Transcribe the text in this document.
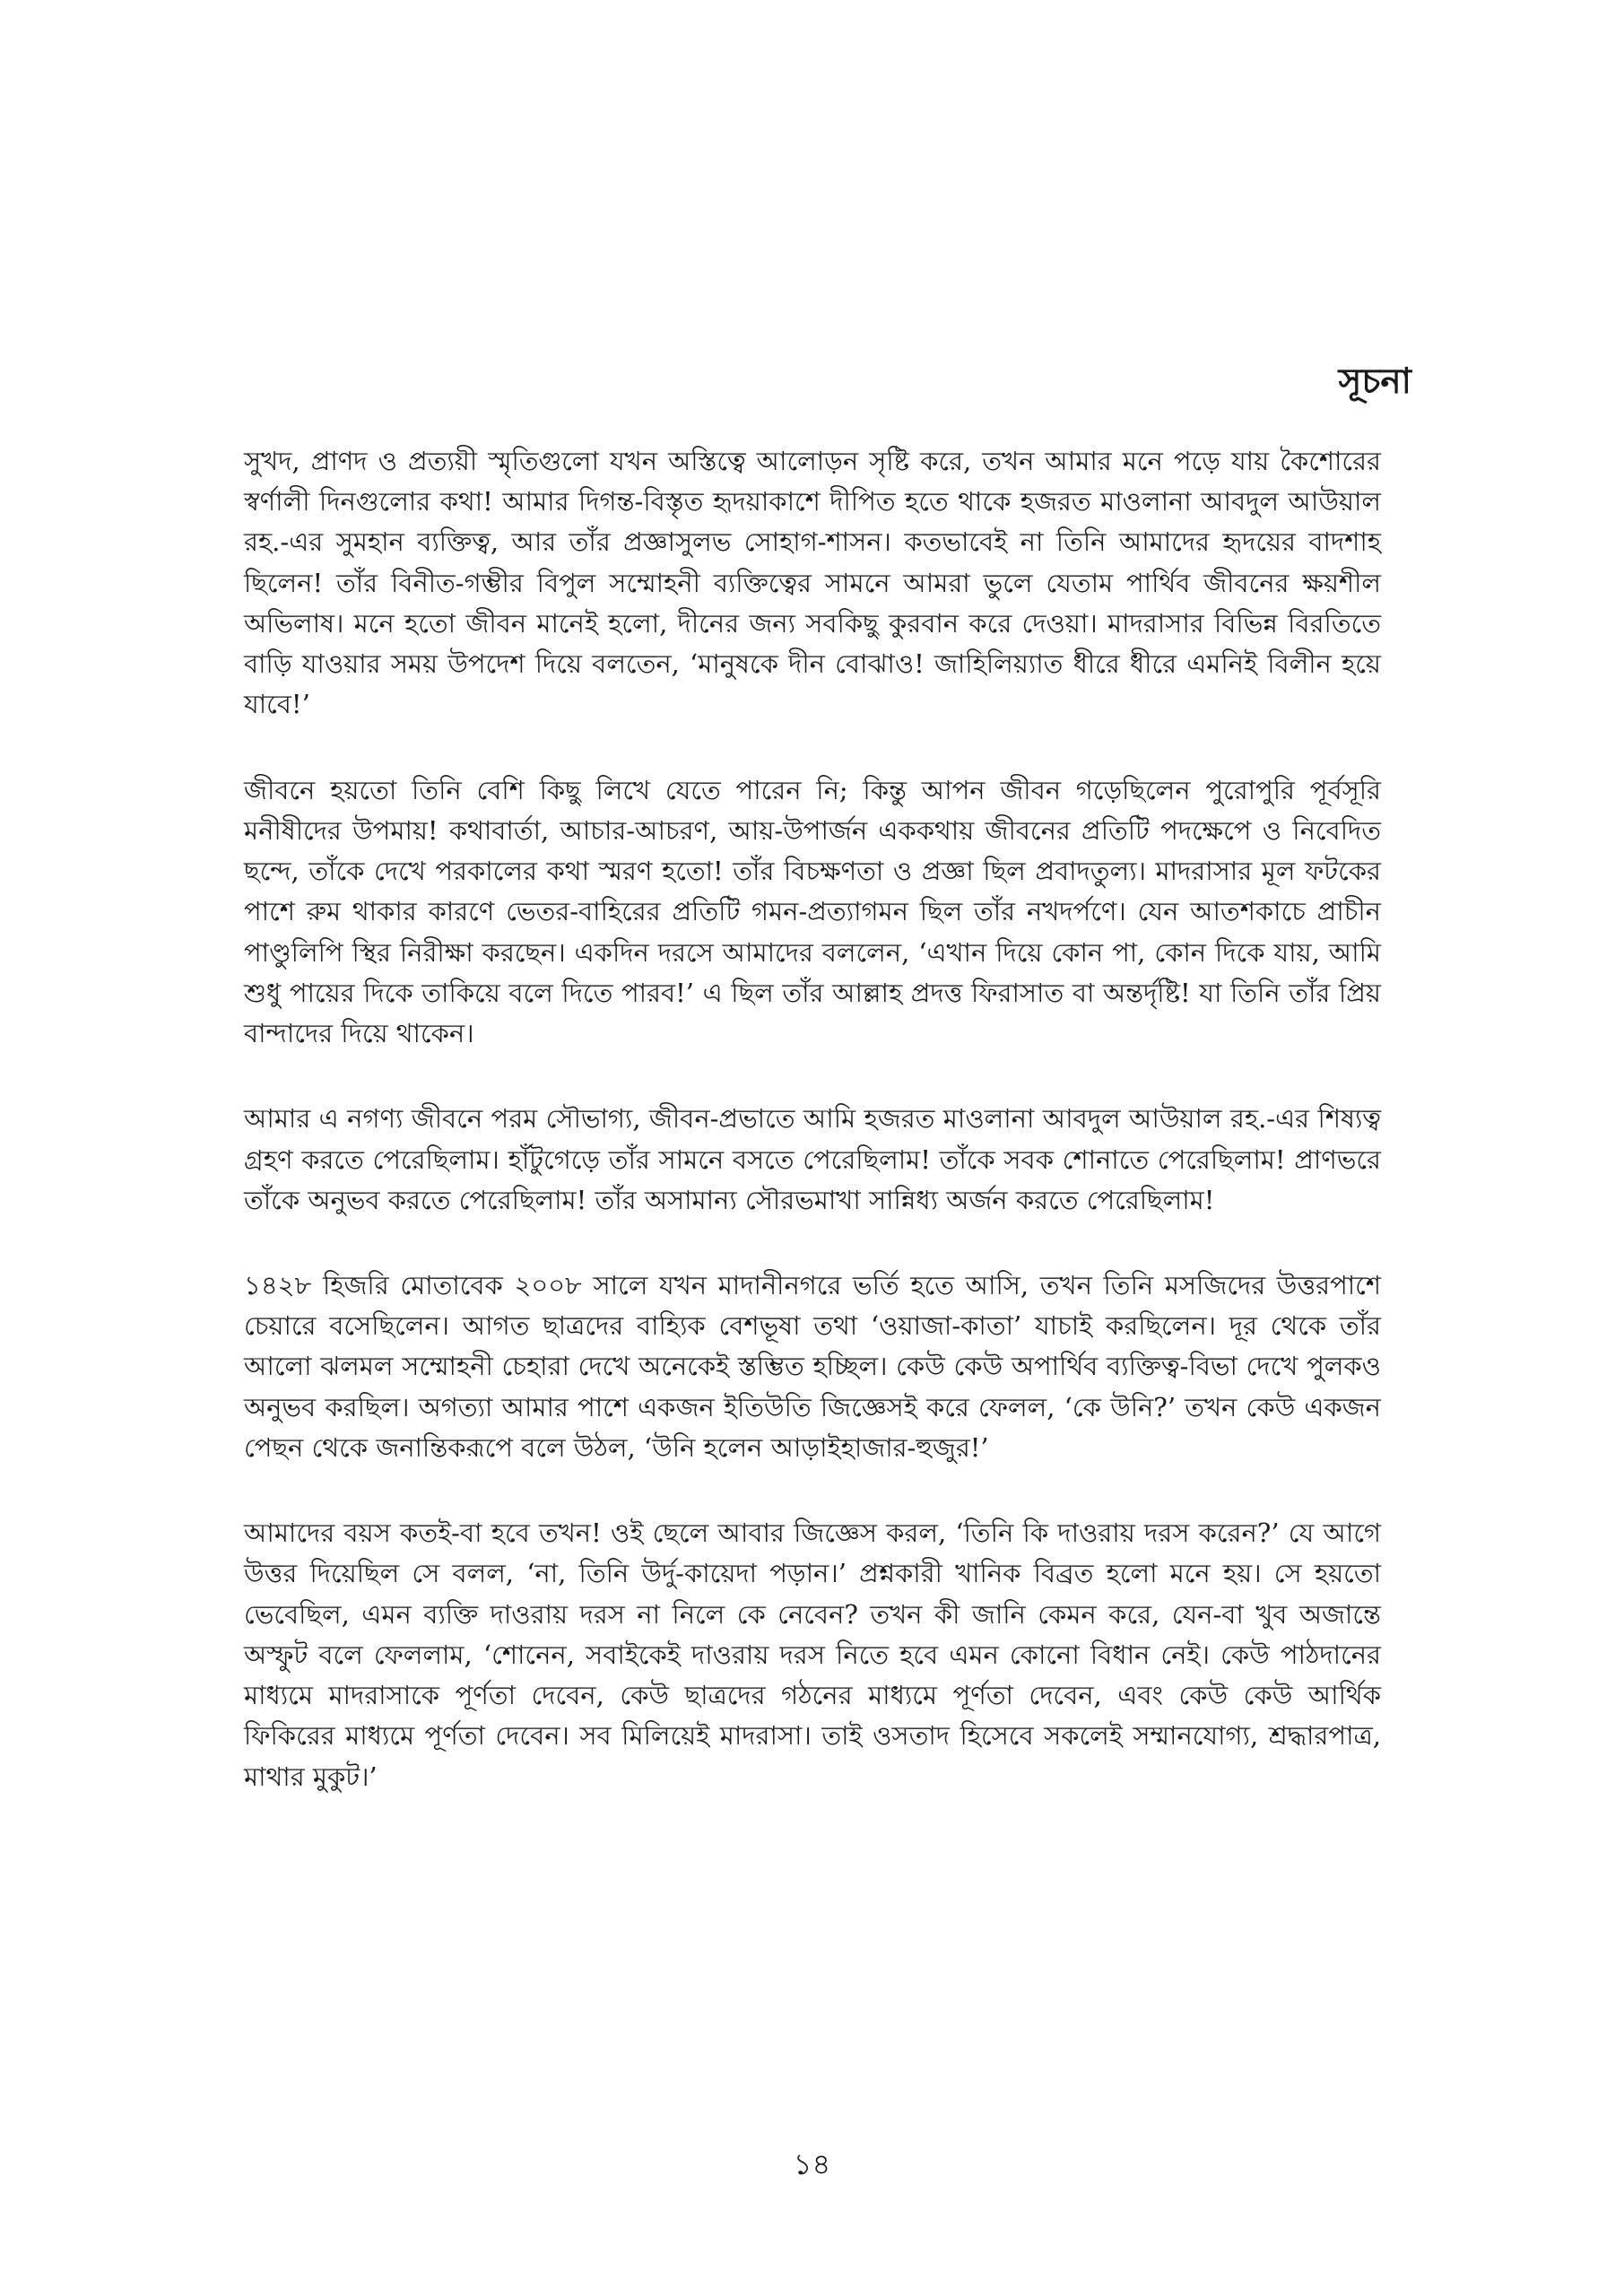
সূচনা

সুখদ, প্রাণদ ও প্রত্যয়ী স্মৃতিগুলো যখন অস্তিত্বে আলোড়ন সৃষ্টি করে, তখন আমার মনে পড়ে যায় কৈশোরের স্বর্ণালী দিনগুলোর কথা! আমার দিগন্ত-বিস্তৃত হৃদয়াকাশে দীপিত হতে থাকে হজরত মাওলানা আবদুল আউয়াল রহ.-এর সুমহান ব্যক্তিত্ব, আর তাঁর প্রজ্ঞাসুলভ সোহাগ-শাসন। কতভাবেই না তিনি আমাদের হৃদয়ের বাদশাহ ছিলেন! তাঁর বিনীত-গম্ভীর বিপুল সম্মোহনী ব্যক্তিত্বের সামনে আমরা ভুলে যেতাম পার্থিব জীবনের ক্ষয়শীল অভিলাষ। মনে হতো জীবন মানেই হলো, দীনের জন্য সবকিছু কুরবান করে দেওয়া। মাদরাসার বিভিন্ন বিরতিতে বাড়ি যাওয়ার সময় উপদেশ দিয়ে বলতেন, ‘মানুষকে দীন বোঝাও! জাহিলিয়্যাত ধীরে ধীরে এমনিই বিলীন হয়ে যাবে!’

জীবনে হয়তো তিনি বেশি কিছু লিখে যেতে পারেন নি; কিন্তু আপন জীবন গড়েছিলেন পুরোপুরি পূর্বসূরি মনীষীদের উপমায়! কথাবার্তা, আচার-আচরণ, আয়-উপার্জন এককথায় জীবনের প্রতিটি পদক্ষেপে ও নিবেদিত ছন্দে, তাঁকে দেখে পরকালের কথা স্মরণ হতো! তাঁর বিচক্ষণতা ও প্রজ্ঞা ছিল প্রবাদতুল্য। মাদরাসার মূল ফটকের পাশে রুম থাকার কারণে ভেতর-বাহিরের প্রতিটি গমন-প্রত্যাগমন ছিল তাঁর নখদর্পণে। যেন আতশকাচে প্রাচীন পাণ্ডুলিপি স্থির নিরীক্ষা করছেন। একদিন দরসে আমাদের বললেন, ‘এখান দিয়ে কোন পা, কোন দিকে যায়, আমি শুধু পায়ের দিকে তাকিয়ে বলে দিতে পারব!’ এ ছিল তাঁর আল্লাহ প্রদত্ত ফিরাসাত বা অন্তর্দৃষ্টি! যা তিনি তাঁর প্রিয় বান্দাদের দিয়ে থাকেন।

আমার এ নগণ্য জীবনে পরম সৌভাগ্য, জীবন-প্রভাতে আমি হজরত মাওলানা আবদুল আউয়াল রহ.-এর শিষ্যত্ব গ্রহণ করতে পেরেছিলাম। হাঁটুগেড়ে তাঁর সামনে বসতে পেরেছিলাম! তাঁকে সবক শোনাতে পেরেছিলাম! প্রাণভরে তাঁকে অনুভব করতে পেরেছিলাম! তাঁর অসামান্য সৌরভমাখা সান্নিধ্য অর্জন করতে পেরেছিলাম!

১৪২৮ হিজরি মোতাবেক ২০০৮ সালে যখন মাদানীনগরে ভর্তি হতে আসি, তখন তিনি মসজিদের উত্তরপাশে চেয়ারে বসেছিলেন। আগত ছাত্রদের বাহ্যিক বেশভূষা তথা ‘ওয়াজা-কাতা’ যাচাই করছিলেন। দূর থেকে তাঁর আলো ঝলমল সম্মোহনী চেহারা দেখে অনেকেই স্তম্ভিত হচ্ছিল। কেউ কেউ অপার্থিব ব্যক্তিত্ব-বিভা দেখে পুলকও অনুভব করছিল। অগত্যা আমার পাশে একজন ইতিউতি জিজ্ঞেসই করে ফেলল, ‘কে উনি?’ তখন কেউ একজন পেছন থেকে জনান্তিকরূপে বলে উঠল, ‘উনি হলেন আড়াইহাজার-হুজুর!’

আমাদের বয়স কতই-বা হবে তখন! ওই ছেলে আবার জিজ্ঞেস করল, ‘তিনি কি দাওরায় দরস করেন?’ যে আগে উত্তর দিয়েছিল সে বলল, ‘না, তিনি উর্দু-কায়েদা পড়ান।’ প্রশ্নকারী খানিক বিব্রত হলো মনে হয়। সে হয়তো ভেবেছিল, এমন ব্যক্তি দাওরায় দরস না নিলে কে নেবেন? তখন কী জানি কেমন করে, যেন-বা খুব অজান্তে অস্ফুট বলে ফেললাম, ‘শোনেন, সবাইকেই দাওরায় দরস নিতে হবে এমন কোনো বিধান নেই। কেউ পাঠদানের মাধ্যমে মাদরাসাকে পূর্ণতা দেবেন, কেউ ছাত্রদের গঠনের মাধ্যমে পূর্ণতা দেবেন, এবং কেউ কেউ আর্থিক ফিকিরের মাধ্যমে পূর্ণতা দেবেন। সব মিলিয়েই মাদরাসা। তাই ওসতাদ হিসেবে সকলেই সম্মানযোগ্য, শ্রদ্ধারপাত্র, মাথার মুকুট।’

১৪
